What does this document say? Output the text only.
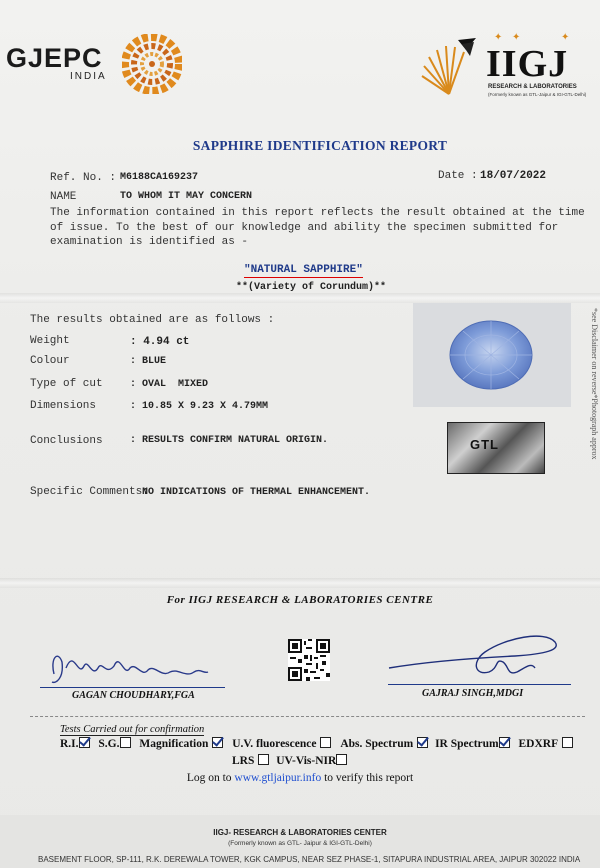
GJEPC
INDIA
✦ ✦	✦
IIGJ
RESEARCH & LABORATORIES
(Formerly known as GTL-Jaipur & IGI-GTL-Delhi)
SAPPHIRE IDENTIFICATION REPORT
Ref. No. : M6188CA169237	Date : 18/07/2022
NAME	TO WHOM IT MAY CONCERN
The information contained in this report reflects the result obtained at the time of issue. To the best of our knowledge and ability the specimen submitted for examination is identified as -
"NATURAL SAPPHIRE"
**(Variety of Corundum)**
The results obtained are as follows :
Weight	: 4.94 ct
Colour	: BLUE
Type of cut	: OVAL  MIXED
Dimensions	: 10.85 X 9.23 X 4.79MM
Conclusions	: RESULTS CONFIRM NATURAL ORIGIN.
Specific Comments:
NO INDICATIONS OF THERMAL ENHANCEMENT.
*see Disclaimer on reverse*Photograph approx
GTL
For IIGJ RESEARCH & LABORATORIES CENTRE
GAGAN CHOUDHARY,FGA	GAJRAJ SINGH,MDGI
Tests Carried out for confirmation
R.I. S.G. Magnification U.V. fluorescence Abs. Spectrum IR Spectrum EDXRF
LRS UV-Vis-NIR
Log on to www.gtljaipur.info to verify this report
IIGJ- RESEARCH & LABORATORIES CENTER
(Formerly known as GTL- Jaipur & IGI-GTL-Delhi)
BASEMENT FLOOR, SP-111, R.K. DEREWALA TOWER, KGK CAMPUS, NEAR SEZ PHASE-1, SITAPURA INDUSTRIAL AREA, JAIPUR 302022 INDIA
